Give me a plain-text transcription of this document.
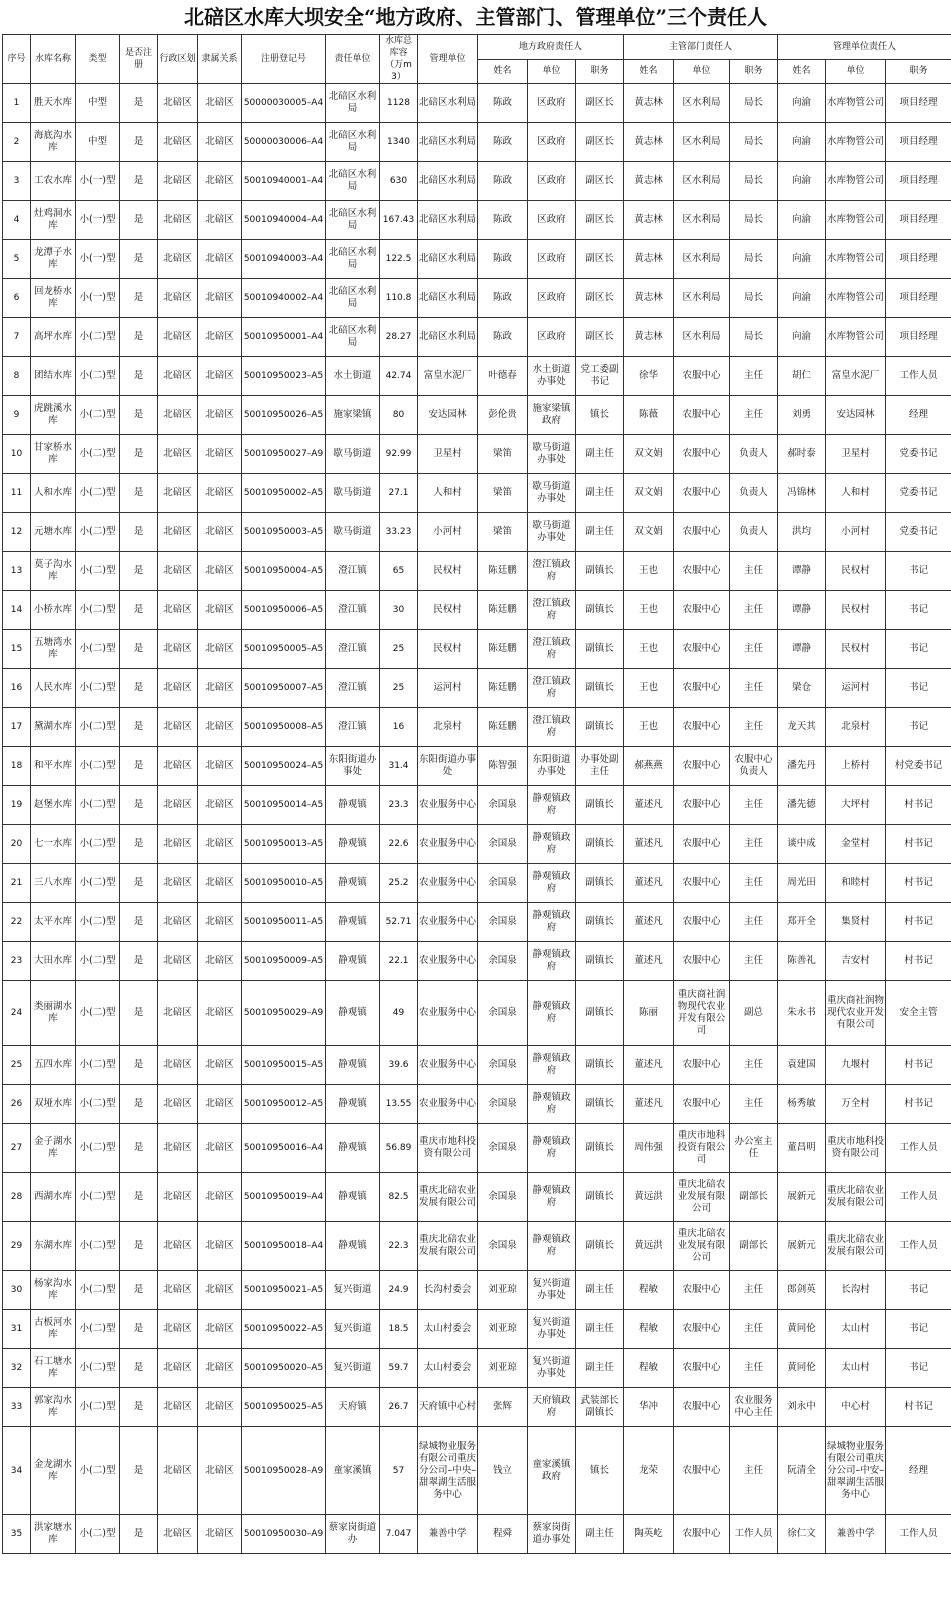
北碚区水库大坝安全“地方政府、主管部门、管理单位”三个责任人
序号	水库名称	类型	是否注册	行政区划	隶属关系	注册登记号	责任单位	水库总库容（万m3）	管理单位	地方政府责任人			主管部门责任人			管理单位责任人		
										姓名	单位	职务	姓名	单位	职务	姓名	单位	职务
1	胜天水库	中型	是	北碚区	北碚区	50000030005–A4	北碚区水利局	1128	北碚区水利局	陈政	区政府	副区长	黄志林	区水利局	局长	向渝	水库物管公司	项目经理
2	海底沟水库	中型	是	北碚区	北碚区	50000030006–A4	北碚区水利局	1340	北碚区水利局	陈政	区政府	副区长	黄志林	区水利局	局长	向渝	水库物管公司	项目经理
3	工农水库	小(一)型	是	北碚区	北碚区	50010940001–A4	北碚区水利局	630	北碚区水利局	陈政	区政府	副区长	黄志林	区水利局	局长	向渝	水库物管公司	项目经理
4	灶鸡洞水库	小(一)型	是	北碚区	北碚区	50010940004–A4	北碚区水利局	167.43	北碚区水利局	陈政	区政府	副区长	黄志林	区水利局	局长	向渝	水库物管公司	项目经理
5	龙潭子水库	小(一)型	是	北碚区	北碚区	50010940003–A4	北碚区水利局	122.5	北碚区水利局	陈政	区政府	副区长	黄志林	区水利局	局长	向渝	水库物管公司	项目经理
6	回龙桥水库	小(一)型	是	北碚区	北碚区	50010940002–A4	北碚区水利局	110.8	北碚区水利局	陈政	区政府	副区长	黄志林	区水利局	局长	向渝	水库物管公司	项目经理
7	高坪水库	小(二)型	是	北碚区	北碚区	50010950001–A4	北碚区水利局	28.27	北碚区水利局	陈政	区政府	副区长	黄志林	区水利局	局长	向渝	水库物管公司	项目经理
8	团结水库	小(二)型	是	北碚区	北碚区	50010950023–A5	水土街道	42.74	富皇水泥厂	叶德春	水土街道办事处	党工委副书记	徐华	农服中心	主任	胡仁	富皇水泥厂	工作人员
9	虎跳溪水库	小(二)型	是	北碚区	北碚区	50010950026–A5	施家梁镇	80	安达园林	彭伦贵	施家梁镇政府	镇长	陈薇	农服中心	主任	刘勇	安达园林	经理
10	甘家桥水库	小(二)型	是	北碚区	北碚区	50010950027–A9	歇马街道	92.99	卫星村	梁笛	歇马街道办事处	副主任	双文娟	农服中心	负责人	郝时泰	卫星村	党委书记
11	人和水库	小(二)型	是	北碚区	北碚区	50010950002–A5	歇马街道	27.1	人和村	梁笛	歇马街道办事处	副主任	双文娟	农服中心	负责人	冯锦林	人和村	党委书记
12	元塘水库	小(二)型	是	北碚区	北碚区	50010950003–A5	歇马街道	33.23	小河村	梁笛	歇马街道办事处	副主任	双文娟	农服中心	负责人	洪均	小河村	党委书记
13	莫子沟水库	小(二)型	是	北碚区	北碚区	50010950004–A5	澄江镇	65	民权村	陈廷鹏	澄江镇政府	副镇长	王也	农服中心	主任	谭静	民权村	书记
14	小桥水库	小(二)型	是	北碚区	北碚区	50010950006–A5	澄江镇	30	民权村	陈廷鹏	澄江镇政府	副镇长	王也	农服中心	主任	谭静	民权村	书记
15	五塘湾水库	小(二)型	是	北碚区	北碚区	50010950005–A5	澄江镇	25	民权村	陈廷鹏	澄江镇政府	副镇长	王也	农服中心	主任	谭静	民权村	书记
16	人民水库	小(二)型	是	北碚区	北碚区	50010950007–A5	澄江镇	25	运河村	陈廷鹏	澄江镇政府	副镇长	王也	农服中心	主任	梁仓	运河村	书记
17	黛湖水库	小(二)型	是	北碚区	北碚区	50010950008–A5	澄江镇	16	北泉村	陈廷鹏	澄江镇政府	副镇长	王也	农服中心	主任	龙天其	北泉村	书记
18	和平水库	小(二)型	是	北碚区	北碚区	50010950024–A5	东阳街道办事处	31.4	东阳街道办事处	陈智强	东阳街道办事处	办事处副主任	郝燕燕	农服中心	农服中心负责人	潘先丹	上桥村	村党委书记
19	赵堡水库	小(二)型	是	北碚区	北碚区	50010950014–A5	静观镇	23.3	农业服务中心	余国泉	静观镇政府	副镇长	董述凡	农服中心	主任	潘先德	大坪村	村书记
20	七一水库	小(二)型	是	北碚区	北碚区	50010950013–A5	静观镇	22.6	农业服务中心	余国泉	静观镇政府	副镇长	董述凡	农服中心	主任	谈中成	金堂村	村书记
21	三八水库	小(二)型	是	北碚区	北碚区	50010950010–A5	静观镇	25.2	农业服务中心	余国泉	静观镇政府	副镇长	董述凡	农服中心	主任	周光田	和睦村	村书记
22	太平水库	小(二)型	是	北碚区	北碚区	50010950011–A5	静观镇	52.71	农业服务中心	余国泉	静观镇政府	副镇长	董述凡	农服中心	主任	郑开全	集贤村	村书记
23	大田水库	小(二)型	是	北碚区	北碚区	50010950009–A5	静观镇	22.1	农业服务中心	余国泉	静观镇政府	副镇长	董述凡	农服中心	主任	陈善礼	吉安村	村书记
24	类丽湖水库	小(二)型	是	北碚区	北碚区	50010950029–A9	静观镇	49	农业服务中心	余国泉	静观镇政府	副镇长	陈丽	重庆商社润物现代农业开发有限公司	副总	朱永书	重庆商社润物现代农业开发有限公司	安全主管
25	五四水库	小(二)型	是	北碚区	北碚区	50010950015–A5	静观镇	39.6	农业服务中心	余国泉	静观镇政府	副镇长	董述凡	农服中心	主任	袁建国	九堰村	村书记
26	双垭水库	小(二)型	是	北碚区	北碚区	50010950012–A5	静观镇	13.55	农业服务中心	余国泉	静观镇政府	副镇长	董述凡	农服中心	主任	杨秀敏	万全村	村书记
27	金子湖水库	小(二)型	是	北碚区	北碚区	50010950016–A4	静观镇	56.89	重庆市地科投资有限公司	余国泉	静观镇政府	副镇长	周伟强	重庆市地科投资有限公司	办公室主任	董昌明	重庆市地科投资有限公司	工作人员
28	西湖水库	小(二)型	是	北碚区	北碚区	50010950019–A4	静观镇	82.5	重庆北碚农业发展有限公司	余国泉	静观镇政府	副镇长	黄远洪	重庆北碚农业发展有限公司	副部长	展新元	重庆北碚农业发展有限公司	工作人员
29	东湖水库	小(二)型	是	北碚区	北碚区	50010950018–A4	静观镇	22.3	重庆北碚农业发展有限公司	余国泉	静观镇政府	副镇长	黄远洪	重庆北碚农业发展有限公司	副部长	展新元	重庆北碚农业发展有限公司	工作人员
30	杨家沟水库	小(二)型	是	北碚区	北碚区	50010950021–A5	复兴街道	24.9	长沟村委会	刘亚琼	复兴街道办事处	副主任	程敏	农服中心	主任	郎剑英	长沟村	书记
31	古板河水库	小(二)型	是	北碚区	北碚区	50010950022–A5	复兴街道	18.5	太山村委会	刘亚琼	复兴街道办事处	副主任	程敏	农服中心	主任	黄同伦	太山村	书记
32	石工塘水库	小(二)型	是	北碚区	北碚区	50010950020–A5	复兴街道	59.7	太山村委会	刘亚琼	复兴街道办事处	副主任	程敏	农服中心	主任	黄同伦	太山村	书记
33	郭家沟水库	小(二)型	是	北碚区	北碚区	50010950025–A5	天府镇	26.7	天府镇中心村	张辉	天府镇政府	武装部长副镇长	华冲	农服中心	农业服务中心主任	刘永中	中心村	村书记
34	金龙湖水库	小(二)型	是	北碚区	北碚区	50010950028–A9	童家溪镇	57	绿城物业服务有限公司重庆分公司–中央–甜翠湖生活服务中心	钱立	童家溪镇政府	镇长	龙荣	农服中心	主任	阮清全	绿城物业服务有限公司重庆分公司–中安–甜翠湖生活服务中心	经理
35	洪家塘水库	小(二)型	是	北碚区	北碚区	50010950030–A9	蔡家岗街道办	7.047	兼善中学	程舜	蔡家岗街道办事处	副主任	陶英屹	农服中心	工作人员	徐仁文	兼善中学	工作人员
